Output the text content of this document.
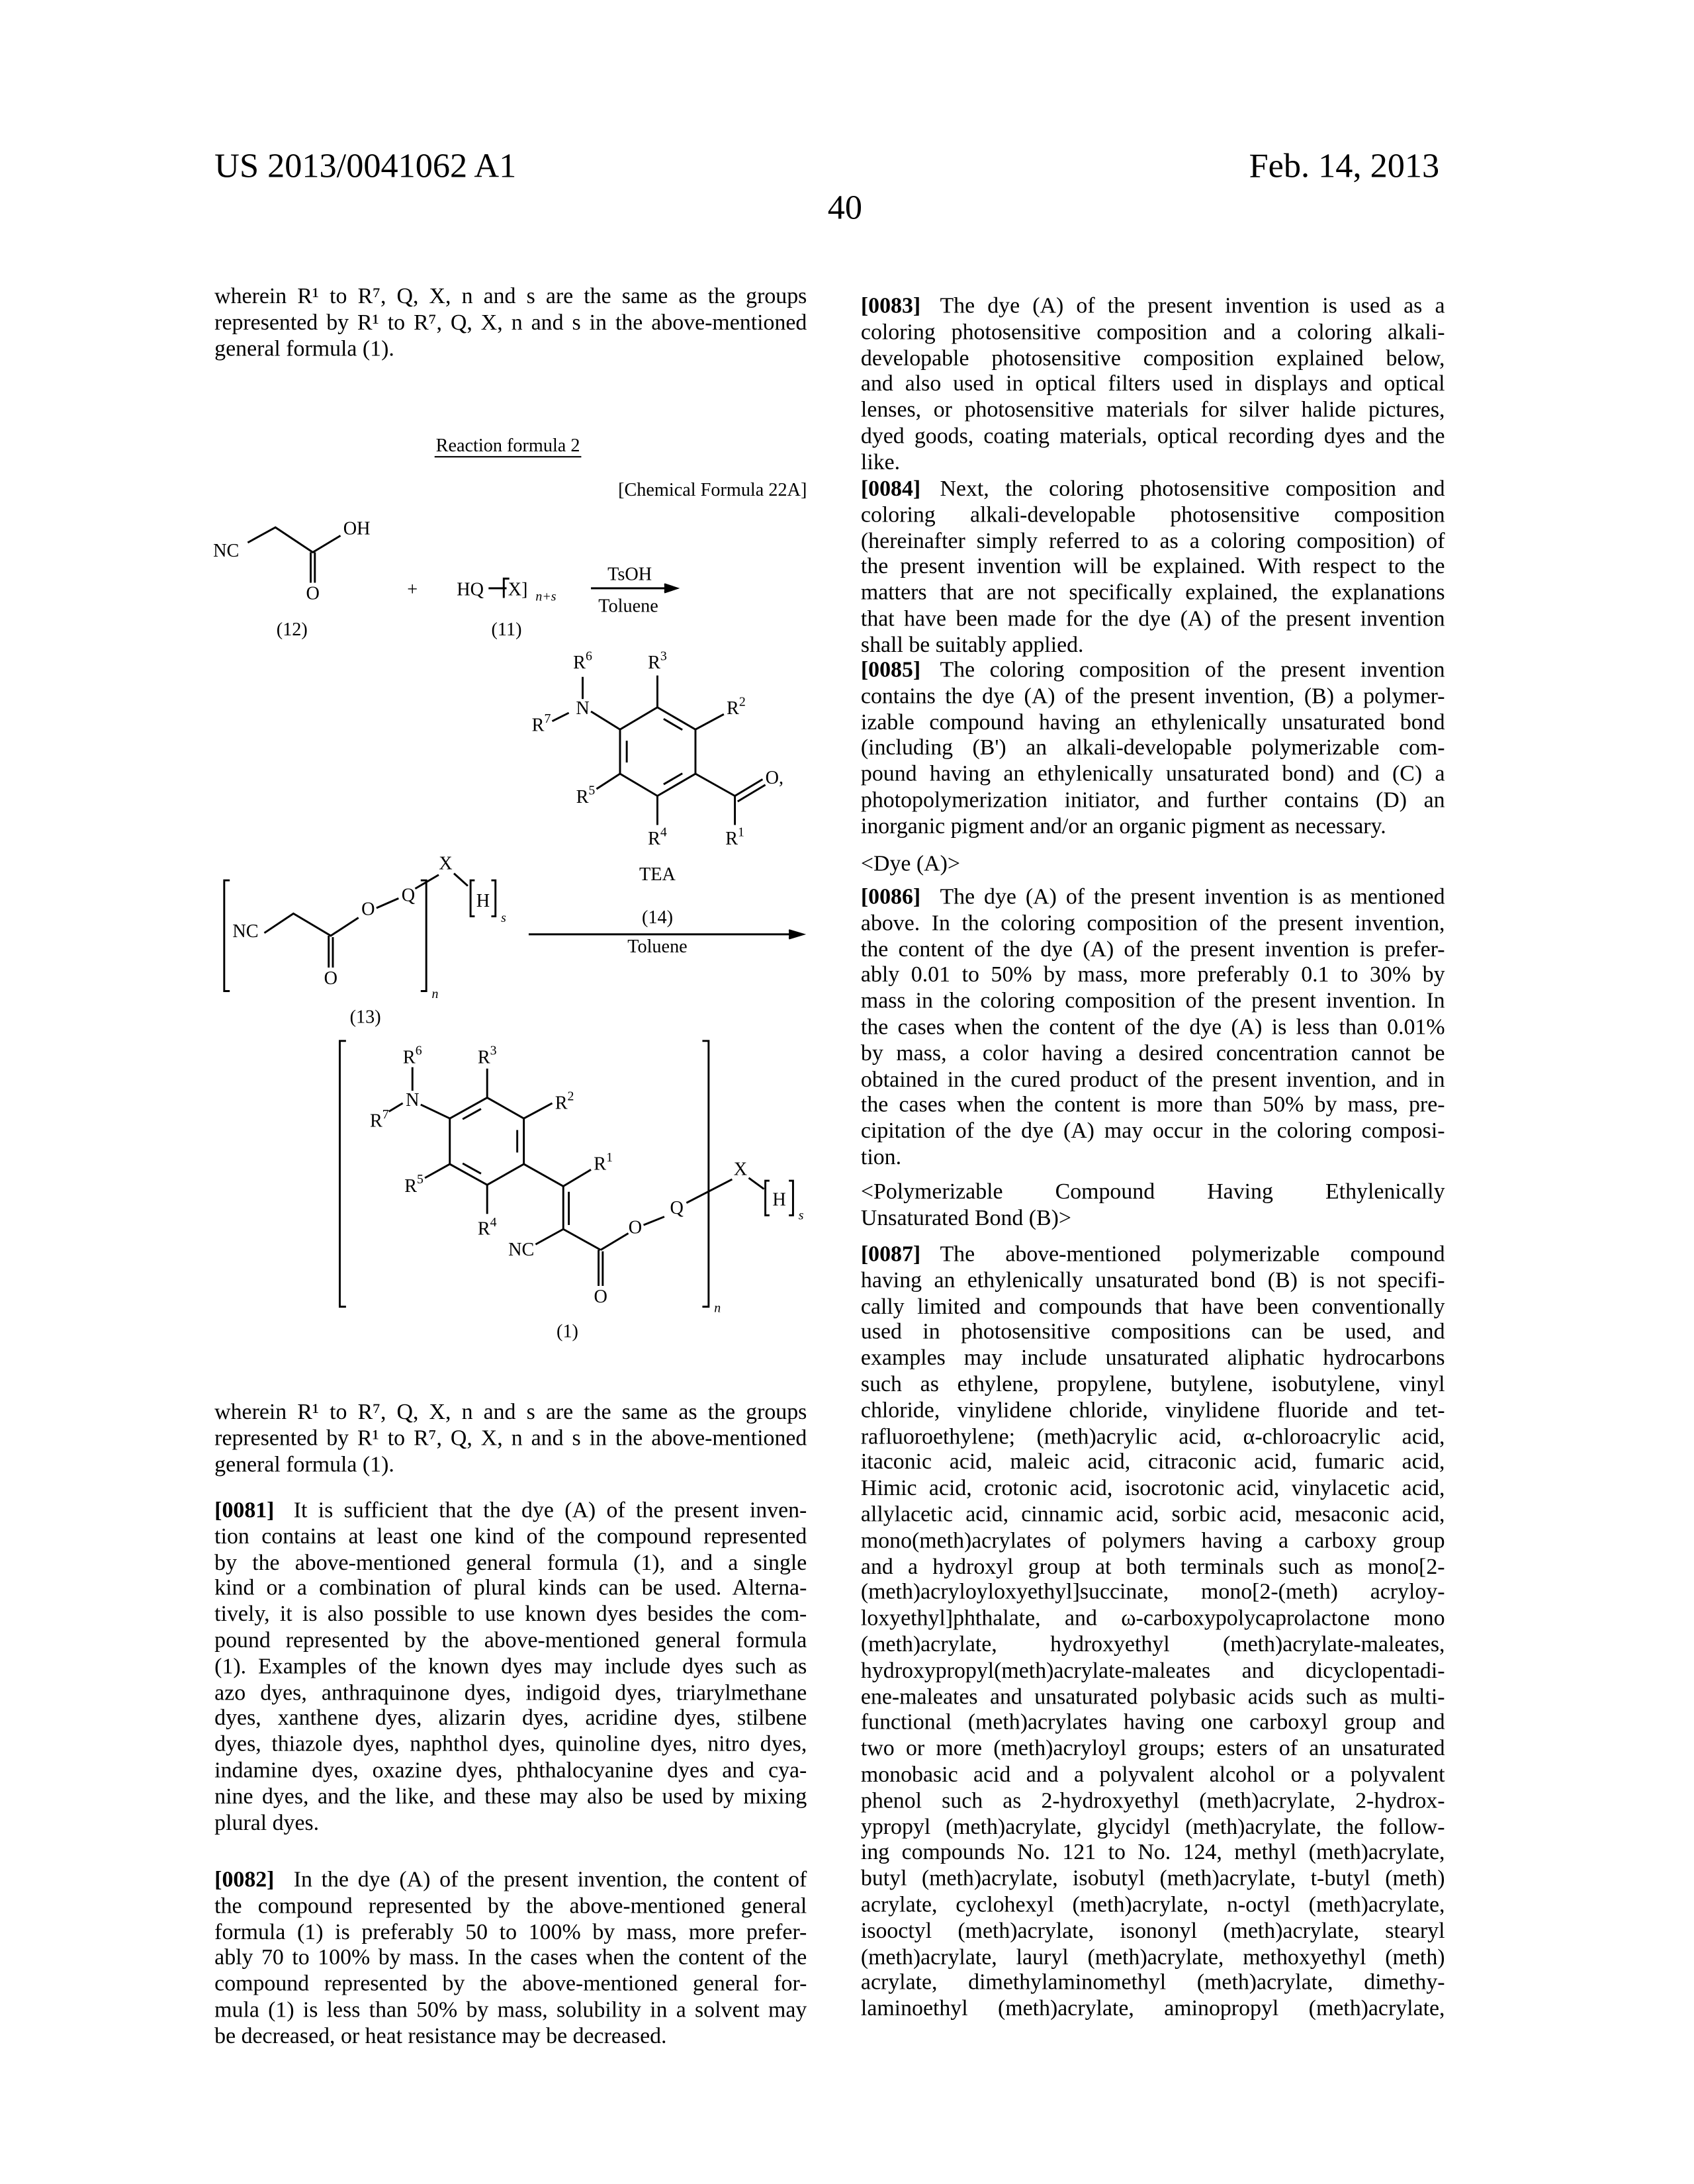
US 2013/0041062 A1
40
Feb. 14, 2013
wherein R¹ to R⁷, Q, X, n and s are the same as the groups
represented by R¹ to R⁷, Q, X, n and s in the above-mentioned
general formula (1).
wherein R¹ to R⁷, Q, X, n and s are the same as the groups
represented by R¹ to R⁷, Q, X, n and s in the above-mentioned
general formula (1).
[0081] It is sufficient that the dye (A) of the present inven-
tion contains at least one kind of the compound represented
by the above-mentioned general formula (1), and a single
kind or a combination of plural kinds can be used. Alterna-
tively, it is also possible to use known dyes besides the com-
pound represented by the above-mentioned general formula
(1). Examples of the known dyes may include dyes such as
azo dyes, anthraquinone dyes, indigoid dyes, triarylmethane
dyes, xanthene dyes, alizarin dyes, acridine dyes, stilbene
dyes, thiazole dyes, naphthol dyes, quinoline dyes, nitro dyes,
indamine dyes, oxazine dyes, phthalocyanine dyes and cya-
nine dyes, and the like, and these may also be used by mixing
plural dyes.
[0082] In the dye (A) of the present invention, the content of
the compound represented by the above-mentioned general
formula (1) is preferably 50 to 100% by mass, more prefer-
ably 70 to 100% by mass. In the cases when the content of the
compound represented by the above-mentioned general for-
mula (1) is less than 50% by mass, solubility in a solvent may
be decreased, or heat resistance may be decreased.
[0083] The dye (A) of the present invention is used as a
coloring photosensitive composition and a coloring alkali-
developable photosensitive composition explained below,
and also used in optical filters used in displays and optical
lenses, or photosensitive materials for silver halide pictures,
dyed goods, coating materials, optical recording dyes and the
like.
[0084] Next, the coloring photosensitive composition and
coloring alkali-developable photosensitive composition
(hereinafter simply referred to as a coloring composition) of
the present invention will be explained. With respect to the
matters that are not specifically explained, the explanations
that have been made for the dye (A) of the present invention
shall be suitably applied.
[0085] The coloring composition of the present invention
contains the dye (A) of the present invention, (B) a polymer-
izable compound having an ethylenically unsaturated bond
(including (B') an alkali-developable polymerizable com-
pound having an ethylenically unsaturated bond) and (C) a
photopolymerization initiator, and further contains (D) an
inorganic pigment and/or an organic pigment as necessary.
<Dye (A)>
[0086] The dye (A) of the present invention is as mentioned
above. In the coloring composition of the present invention,
the content of the dye (A) of the present invention is prefer-
ably 0.01 to 50% by mass, more preferably 0.1 to 30% by
mass in the coloring composition of the present invention. In
the cases when the content of the dye (A) is less than 0.01%
by mass, a color having a desired concentration cannot be
obtained in the cured product of the present invention, and in
the cases when the content is more than 50% by mass, pre-
cipitation of the dye (A) may occur in the coloring composi-
tion.
<Polymerizable Compound Having Ethylenically
Unsaturated Bond (B)>
[0087] The above-mentioned polymerizable compound
having an ethylenically unsaturated bond (B) is not specifi-
cally limited and compounds that have been conventionally
used in photosensitive compositions can be used, and
examples may include unsaturated aliphatic hydrocarbons
such as ethylene, propylene, butylene, isobutylene, vinyl
chloride, vinylidene chloride, vinylidene fluoride and tet-
rafluoroethylene; (meth)acrylic acid, α-chloroacrylic acid,
itaconic acid, maleic acid, citraconic acid, fumaric acid,
Himic acid, crotonic acid, isocrotonic acid, vinylacetic acid,
allylacetic acid, cinnamic acid, sorbic acid, mesaconic acid,
mono(meth)acrylates of polymers having a carboxy group
and a hydroxyl group at both terminals such as mono[2-
(meth)acryloyloxyethyl]succinate, mono[2-(meth) acryloy-
loxyethyl]phthalate, and ω-carboxypolycaprolactone mono
(meth)acrylate, hydroxyethyl (meth)acrylate-maleates,
hydroxypropyl(meth)acrylate-maleates and dicyclopentadi-
ene-maleates and unsaturated polybasic acids such as multi-
functional (meth)acrylates having one carboxyl group and
two or more (meth)acryloyl groups; esters of an unsaturated
monobasic acid and a polyvalent alcohol or a polyvalent
phenol such as 2-hydroxyethyl (meth)acrylate, 2-hydrox-
ypropyl (meth)acrylate, glycidyl (meth)acrylate, the follow-
ing compounds No. 121 to No. 124, methyl (meth)acrylate,
butyl (meth)acrylate, isobutyl (meth)acrylate, t-butyl (meth)
acrylate, cyclohexyl (meth)acrylate, n-octyl (meth)acrylate,
isooctyl (meth)acrylate, isononyl (meth)acrylate, stearyl
(meth)acrylate, lauryl (meth)acrylate, methoxyethyl (meth)
acrylate, dimethylaminomethyl (meth)acrylate, dimethy-
laminoethyl (meth)acrylate, aminopropyl (meth)acrylate,
Reaction formula 2
[Chemical Formula 22A]
NC
OH
O
(12)
+	HQ	X] n+s
(11)
TsOH
Toluene
N
O,
R6	R3
R2
R7
R5
R4	R1
TEA
(14)
Toluene
n
NC
O
O
Q
X
H
s
(13)
n
N
NC
O
O
Q
X
H
s
R6	R3
R2
R7
R5
R4
R1
(1)
